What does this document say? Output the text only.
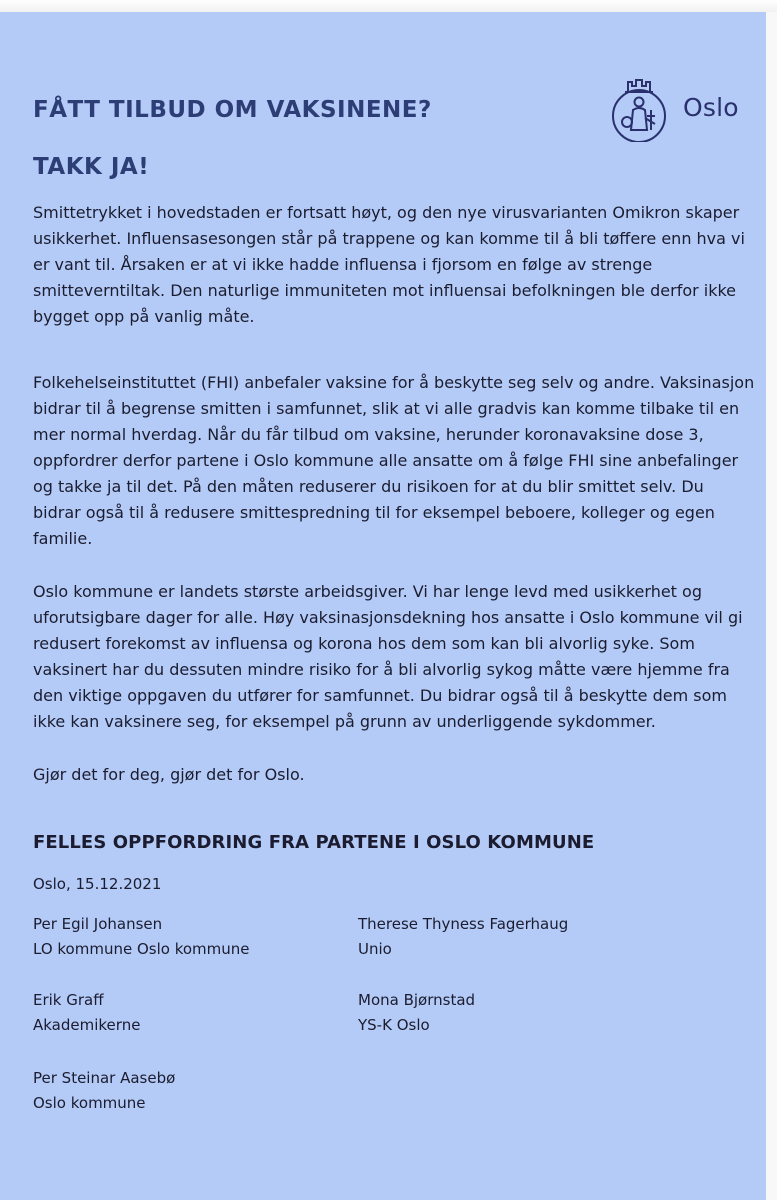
Oslo
FÅTT TILBUD OM VAKSINENE?
TAKK JA!

Smittetrykket i hovedstaden er fortsatt høyt, og den nye virusvarianten Omikron skaper usikkerhet. Influensasesongen står på trappene og kan komme til å bli tøffere enn hva vi er vant til. Årsaken er at vi ikke hadde influensa i fjorsom en følge av strenge smitteverntiltak. Den naturlige immuniteten mot influensai befolkningen ble derfor ikke bygget opp på vanlig måte.

Folkehelseinstituttet (FHI) anbefaler vaksine for å beskytte seg selv og andre. Vaksinasjon bidrar til å begrense smitten i samfunnet, slik at vi alle gradvis kan komme tilbake til en mer normal hverdag. Når du får tilbud om vaksine, herunder koronavaksine dose 3, oppfordrer derfor partene i Oslo kommune alle ansatte om å følge FHI sine anbefalinger og takke ja til det. På den måten reduserer du risikoen for at du blir smittet selv. Du bidrar også til å redusere smittespredning til for eksempel beboere, kolleger og egen familie.

Oslo kommune er landets største arbeidsgiver. Vi har lenge levd med usikkerhet og uforutsigbare dager for alle. Høy vaksinasjonsdekning hos ansatte i Oslo kommune vil gi redusert forekomst av influensa og korona hos dem som kan bli alvorlig syke. Som vaksinert har du dessuten mindre risiko for å bli alvorlig sykog måtte være hjemme fra den viktige oppgaven du utfører for samfunnet. Du bidrar også til å beskytte dem som ikke kan vaksinere seg, for eksempel på grunn av underliggende sykdommer.

Gjør det for deg, gjør det for Oslo.

FELLES OPPFORDRING FRA PARTENE I OSLO KOMMUNE
Oslo, 15.12.2021
Per Egil Johansen
LO kommune Oslo kommune
Therese Thyness Fagerhaug
Unio
Erik Graff
Akademikerne
Mona Bjørnstad
YS-K Oslo
Per Steinar Aasebø
Oslo kommune
